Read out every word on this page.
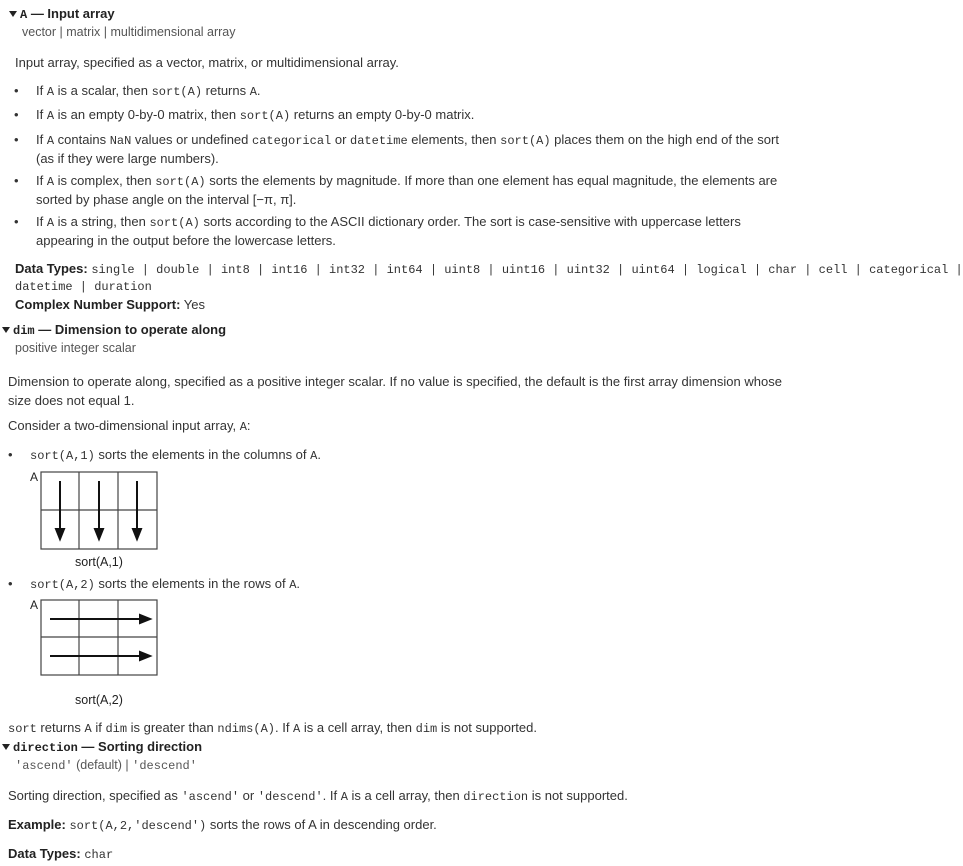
A — Input array
vector | matrix | multidimensional array
Input array, specified as a vector, matrix, or multidimensional array.
• If A is a scalar, then sort(A) returns A.
• If A is an empty 0-by-0 matrix, then sort(A) returns an empty 0-by-0 matrix.
• If A contains NaN values or undefined categorical or datetime elements, then sort(A) places them on the high end of the sort (as if they were large numbers).
• If A is complex, then sort(A) sorts the elements by magnitude. If more than one element has equal magnitude, the elements are sorted by phase angle on the interval [−π, π].
• If A is a string, then sort(A) sorts according to the ASCII dictionary order. The sort is case-sensitive with uppercase letters appearing in the output before the lowercase letters.
Data Types: single | double | int8 | int16 | int32 | int64 | uint8 | uint16 | uint32 | uint64 | logical | char | cell | categorical |
datetime | duration
Complex Number Support: Yes
dim — Dimension to operate along
positive integer scalar
Dimension to operate along, specified as a positive integer scalar. If no value is specified, the default is the first array dimension whose size does not equal 1.
Consider a two-dimensional input array, A:
• sort(A,1) sorts the elements in the columns of A.
A
sort(A,1)
• sort(A,2) sorts the elements in the rows of A.
A
sort(A,2)
sort returns A if dim is greater than ndims(A). If A is a cell array, then dim is not supported.
direction — Sorting direction
'ascend' (default) | 'descend'
Sorting direction, specified as 'ascend' or 'descend'. If A is a cell array, then direction is not supported.
Example: sort(A,2,'descend') sorts the rows of A in descending order.
Data Types: char
